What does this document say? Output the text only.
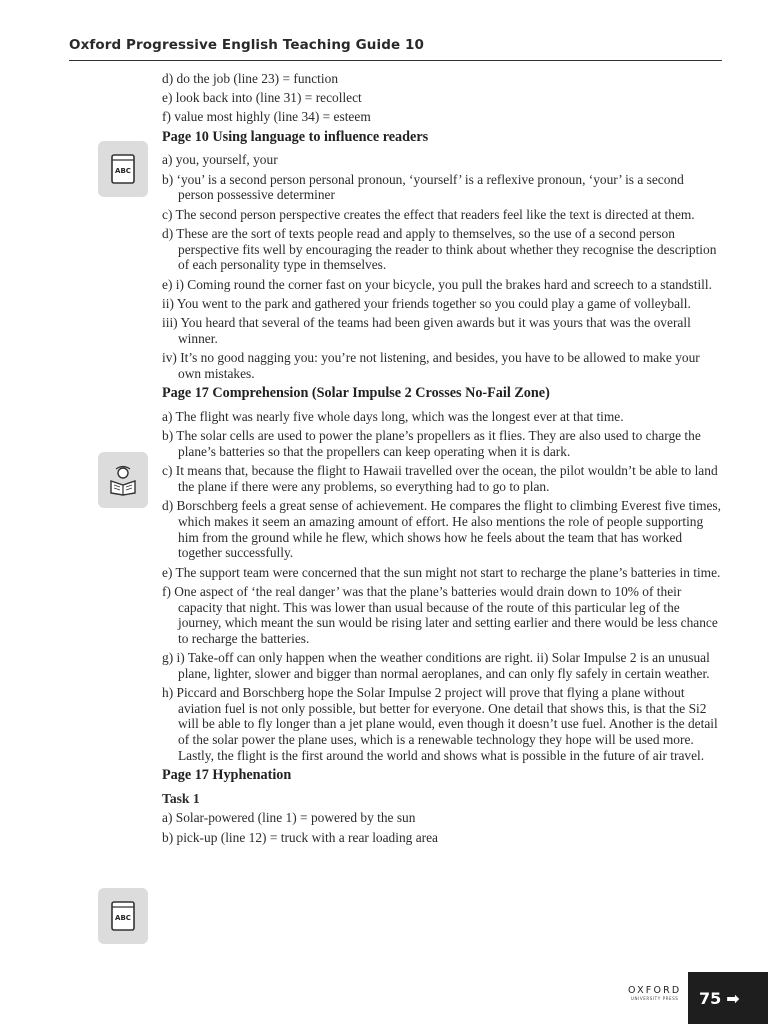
Oxford Progressive English Teaching Guide 10
ABC
ABC
d) do the job (line 23) = function
e) look back into (line 31) = recollect
f) value most highly (line 34) = esteem
Page 10 Using language to influence readers
a) you, yourself, your
b) ‘you’ is a second person personal pronoun, ‘yourself’ is a reflexive pronoun, ‘your’ is a second person possessive determiner
c) The second person perspective creates the effect that readers feel like the text is directed at them.
d) These are the sort of texts people read and apply to themselves, so the use of a second person perspective fits well by encouraging the reader to think about whether they recognise the description of each personality type in themselves.
e) i) Coming round the corner fast on your bicycle, you pull the brakes hard and screech to a standstill.
ii) You went to the park and gathered your friends together so you could play a game of volleyball.
iii) You heard that several of the teams had been given awards but it was yours that was the overall winner.
iv) It’s no good nagging you: you’re not listening, and besides, you have to be allowed to make your own mistakes.
Page 17 Comprehension (Solar Impulse 2 Crosses No-Fail Zone)
a) The flight was nearly five whole days long, which was the longest ever at that time.
b) The solar cells are used to power the plane’s propellers as it flies. They are also used to charge the plane’s batteries so that the propellers can keep operating when it is dark.
c) It means that, because the flight to Hawaii travelled over the ocean, the pilot wouldn’t be able to land the plane if there were any problems, so everything had to go to plan.
d) Borschberg feels a great sense of achievement. He compares the flight to climbing Everest five times, which makes it seem an amazing amount of effort. He also mentions the role of people supporting him from the ground while he flew, which shows how he feels about the team that has worked together successfully.
e) The support team were concerned that the sun might not start to recharge the plane’s batteries in time.
f) One aspect of ‘the real danger’ was that the plane’s batteries would drain down to 10% of their capacity that night. This was lower than usual because of the route of this particular leg of the journey, which meant the sun would be rising later and setting earlier and there would be less chance to recharge the batteries.
g) i) Take-off can only happen when the weather conditions are right. ii) Solar Impulse 2 is an unusual plane, lighter, slower and bigger than normal aeroplanes, and can only fly safely in certain weather.
h) Piccard and Borschberg hope the Solar Impulse 2 project will prove that flying a plane without aviation fuel is not only possible, but better for everyone. One detail that shows this, is that the Si2 will be able to fly longer than a jet plane would, even though it doesn’t use fuel. Another is the detail of the solar power the plane uses, which is a renewable technology they hope will be used more. Lastly, the flight is the first around the world and shows what is possible in the future of air travel.
Page 17 Hyphenation
Task 1
a) Solar-powered (line 1) = powered by the sun
b) pick-up (line 12) = truck with a rear loading area
OXFORD
UNIVERSITY PRESS 75 ➡
